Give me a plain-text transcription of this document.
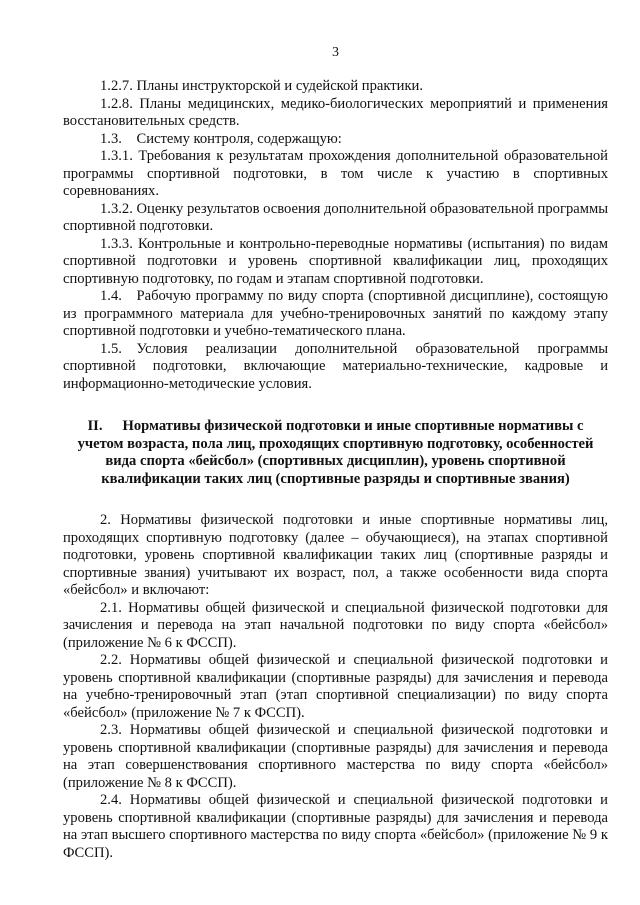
3

1.2.7. Планы инструкторской и судейской практики.

1.2.8. Планы медицинских, медико-биологических мероприятий и применения восстановительных средств.

1.3. Систему контроля, содержащую:

1.3.1. Требования к результатам прохождения дополнительной образовательной программы спортивной подготовки, в том числе к участию в спортивных соревнованиях.

1.3.2. Оценку результатов освоения дополнительной образовательной программы спортивной подготовки.

1.3.3. Контрольные и контрольно-переводные нормативы (испытания) по видам спортивной подготовки и уровень спортивной квалификации лиц, проходящих спортивную подготовку, по годам и этапам спортивной подготовки.

1.4. Рабочую программу по виду спорта (спортивной дисциплине), состоящую из программного материала для учебно-тренировочных занятий по каждому этапу спортивной подготовки и учебно-тематического плана.

1.5. Условия реализации дополнительной образовательной программы спортивной подготовки, включающие материально-технические, кадровые и информационно-методические условия.

II. Нормативы физической подготовки и иные спортивные нормативы с учетом возраста, пола лиц, проходящих спортивную подготовку, особенностей вида спорта «бейсбол» (спортивных дисциплин), уровень спортивной квалификации таких лиц (спортивные разряды и спортивные звания)

2. Нормативы физической подготовки и иные спортивные нормативы лиц, проходящих спортивную подготовку (далее – обучающиеся), на этапах спортивной подготовки, уровень спортивной квалификации таких лиц (спортивные разряды и спортивные звания) учитывают их возраст, пол, а также особенности вида спорта «бейсбол» и включают:

2.1. Нормативы общей физической и специальной физической подготовки для зачисления и перевода на этап начальной подготовки по виду спорта «бейсбол» (приложение № 6 к ФССП).

2.2. Нормативы общей физической и специальной физической подготовки и уровень спортивной квалификации (спортивные разряды) для зачисления и перевода на учебно-тренировочный этап (этап спортивной специализации) по виду спорта «бейсбол» (приложение № 7 к ФССП).

2.3. Нормативы общей физической и специальной физической подготовки и уровень спортивной квалификации (спортивные разряды) для зачисления и перевода на этап совершенствования спортивного мастерства по виду спорта «бейсбол» (приложение № 8 к ФССП).

2.4. Нормативы общей физической и специальной физической подготовки и уровень спортивной квалификации (спортивные разряды) для зачисления и перевода на этап высшего спортивного мастерства по виду спорта «бейсбол» (приложение № 9 к ФССП).
